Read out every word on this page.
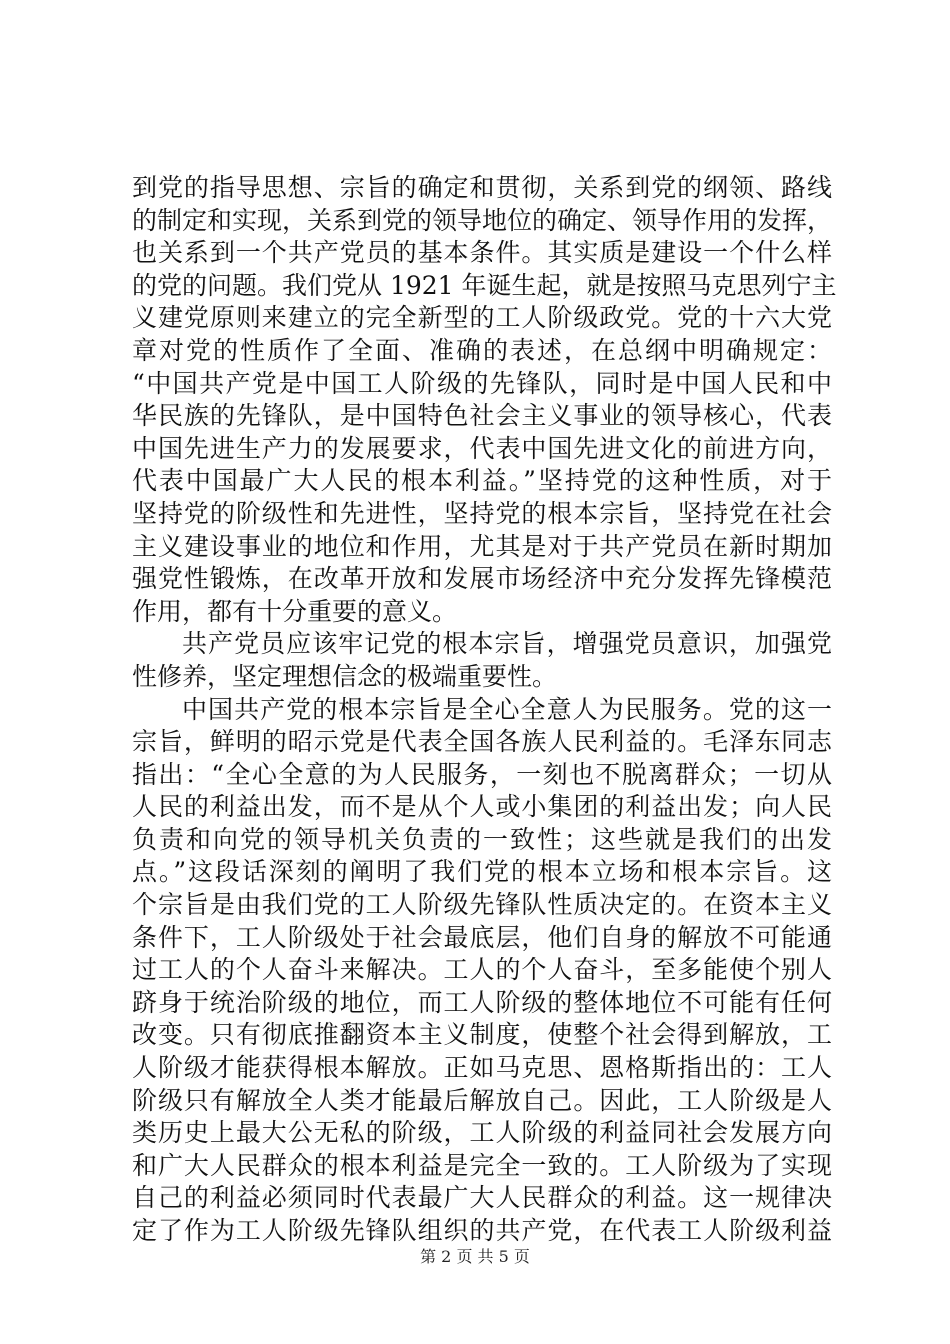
到党的指导思想、宗旨的确定和贯彻，关系到党的纲领、路线
的制定和实现，关系到党的领导地位的确定、领导作用的发挥，
也关系到一个共产党员的基本条件。其实质是建设一个什么样
的党的问题。我们党从 1921 年诞生起，就是按照马克思列宁主
义建党原则来建立的完全新型的工人阶级政党。党的十六大党
章对党的性质作了全面、准确的表述，在总纲中明确规定：
“中国共产党是中国工人阶级的先锋队，同时是中国人民和中
华民族的先锋队，是中国特色社会主义事业的领导核心，代表
中国先进生产力的发展要求，代表中国先进文化的前进方向，
代表中国最广大人民的根本利益。”坚持党的这种性质，对于
坚持党的阶级性和先进性，坚持党的根本宗旨，坚持党在社会
主义建设事业的地位和作用，尤其是对于共产党员在新时期加
强党性锻炼，在改革开放和发展市场经济中充分发挥先锋模范
作用，都有十分重要的意义。
共产党员应该牢记党的根本宗旨，增强党员意识，加强党
性修养，坚定理想信念的极端重要性。
中国共产党的根本宗旨是全心全意人为民服务。党的这一
宗旨，鲜明的昭示党是代表全国各族人民利益的。毛泽东同志
指出：“全心全意的为人民服务，一刻也不脱离群众；一切从
人民的利益出发，而不是从个人或小集团的利益出发；向人民
负责和向党的领导机关负责的一致性；这些就是我们的出发
点。”这段话深刻的阐明了我们党的根本立场和根本宗旨。这
个宗旨是由我们党的工人阶级先锋队性质决定的。在资本主义
条件下，工人阶级处于社会最底层，他们自身的解放不可能通
过工人的个人奋斗来解决。工人的个人奋斗，至多能使个别人
跻身于统治阶级的地位，而工人阶级的整体地位不可能有任何
改变。只有彻底推翻资本主义制度，使整个社会得到解放，工
人阶级才能获得根本解放。正如马克思、恩格斯指出的：工人
阶级只有解放全人类才能最后解放自己。因此，工人阶级是人
类历史上最大公无私的阶级，工人阶级的利益同社会发展方向
和广大人民群众的根本利益是完全一致的。工人阶级为了实现
自己的利益必须同时代表最广大人民群众的利益。这一规律决
定了作为工人阶级先锋队组织的共产党，在代表工人阶级利益
第 2 页 共 5 页
